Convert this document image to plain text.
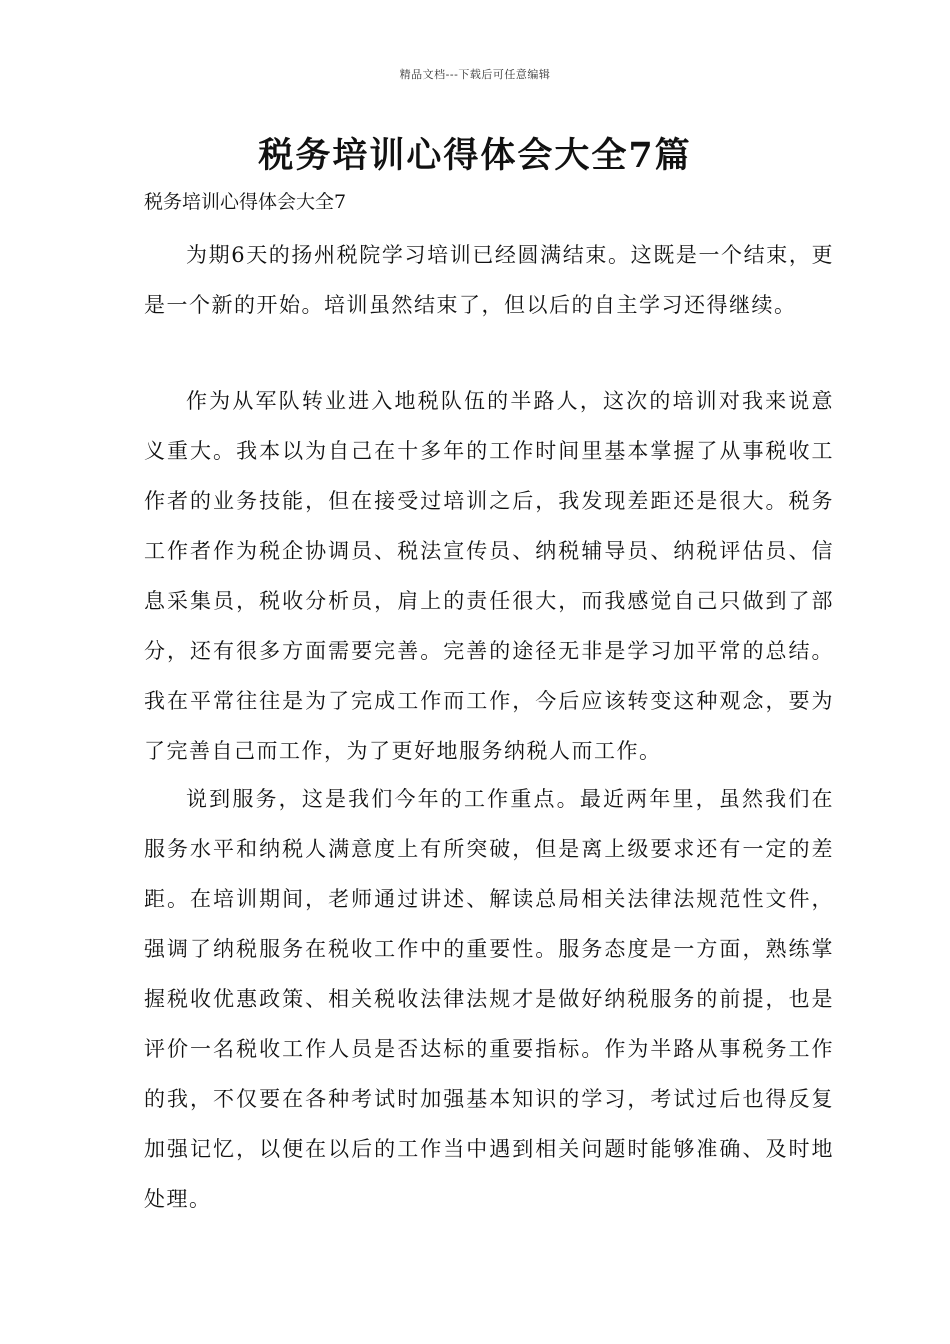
精品文档---下载后可任意编辑
税务培训心得体会大全7篇
税务培训心得体会大全7

为期6天的扬州税院学习培训已经圆满结束。这既是一个结束，更是一个新的开始。培训虽然结束了，但以后的自主学习还得继续。

作为从军队转业进入地税队伍的半路人，这次的培训对我来说意义重大。我本以为自己在十多年的工作时间里基本掌握了从事税收工作者的业务技能，但在接受过培训之后，我发现差距还是很大。税务工作者作为税企协调员、税法宣传员、纳税辅导员、纳税评估员、信息采集员，税收分析员，肩上的责任很大，而我感觉自己只做到了部分，还有很多方面需要完善。完善的途径无非是学习加平常的总结。我在平常往往是为了完成工作而工作，今后应该转变这种观念，要为了完善自己而工作，为了更好地服务纳税人而工作。

说到服务，这是我们今年的工作重点。最近两年里，虽然我们在服务水平和纳税人满意度上有所突破，但是离上级要求还有一定的差距。在培训期间，老师通过讲述、解读总局相关法律法规范性文件，强调了纳税服务在税收工作中的重要性。服务态度是一方面，熟练掌握税收优惠政策、相关税收法律法规才是做好纳税服务的前提，也是评价一名税收工作人员是否达标的重要指标。作为半路从事税务工作的我，不仅要在各种考试时加强基本知识的学习，考试过后也得反复加强记忆，以便在以后的工作当中遇到相关问题时能够准确、及时地处理。
